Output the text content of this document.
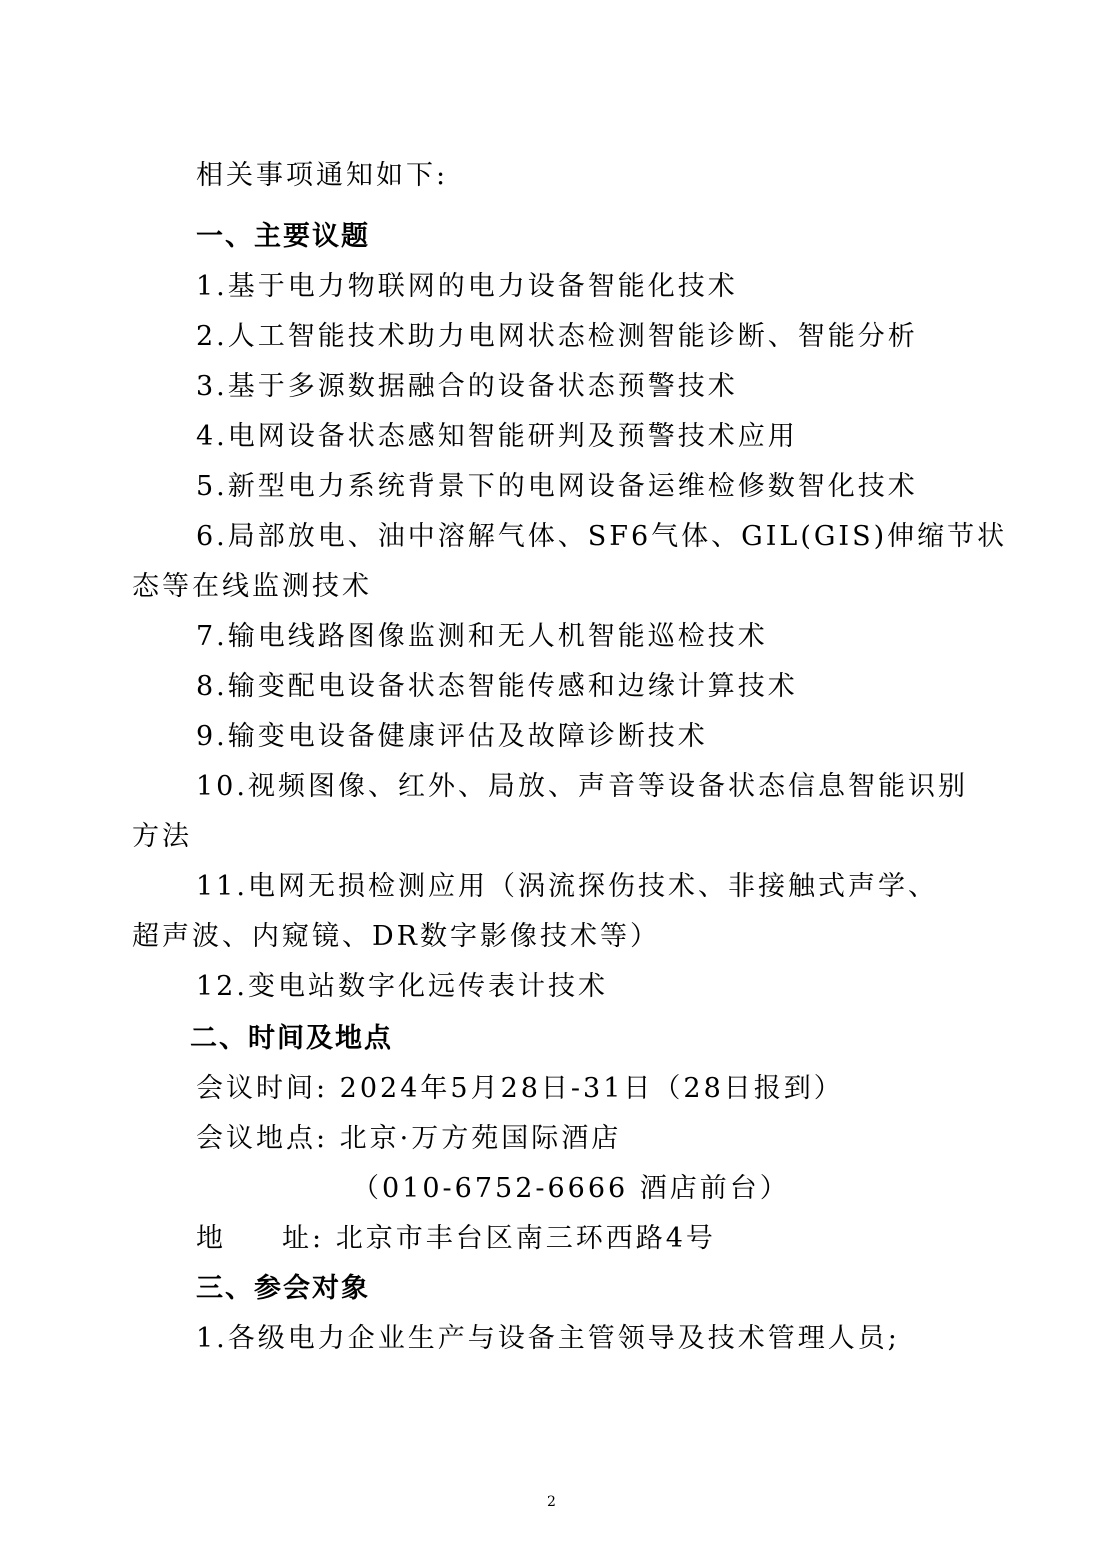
相关事项通知如下:
一、主要议题
1.基于电力物联网的电力设备智能化技术
2.人工智能技术助力电网状态检测智能诊断、智能分析
3.基于多源数据融合的设备状态预警技术
4.电网设备状态感知智能研判及预警技术应用
5.新型电力系统背景下的电网设备运维检修数智化技术
6.局部放电、油中溶解气体、SF6气体、GIL(GIS)伸缩节状
态等在线监测技术
7.输电线路图像监测和无人机智能巡检技术
8.输变配电设备状态智能传感和边缘计算技术
9.输变电设备健康评估及故障诊断技术
10.视频图像、红外、局放、声音等设备状态信息智能识别
方法
11.电网无损检测应用（涡流探伤技术、非接触式声学、
超声波、内窥镜、DR数字影像技术等）
12.变电站数字化远传表计技术
二、时间及地点
会议时间: 2024年5月28日-31日（28日报到）
会议地点: 北京·万方苑国际酒店
（010-6752-6666 酒店前台）
地 址: 北京市丰台区南三环西路4号
三、参会对象
1.各级电力企业生产与设备主管领导及技术管理人员;
2
